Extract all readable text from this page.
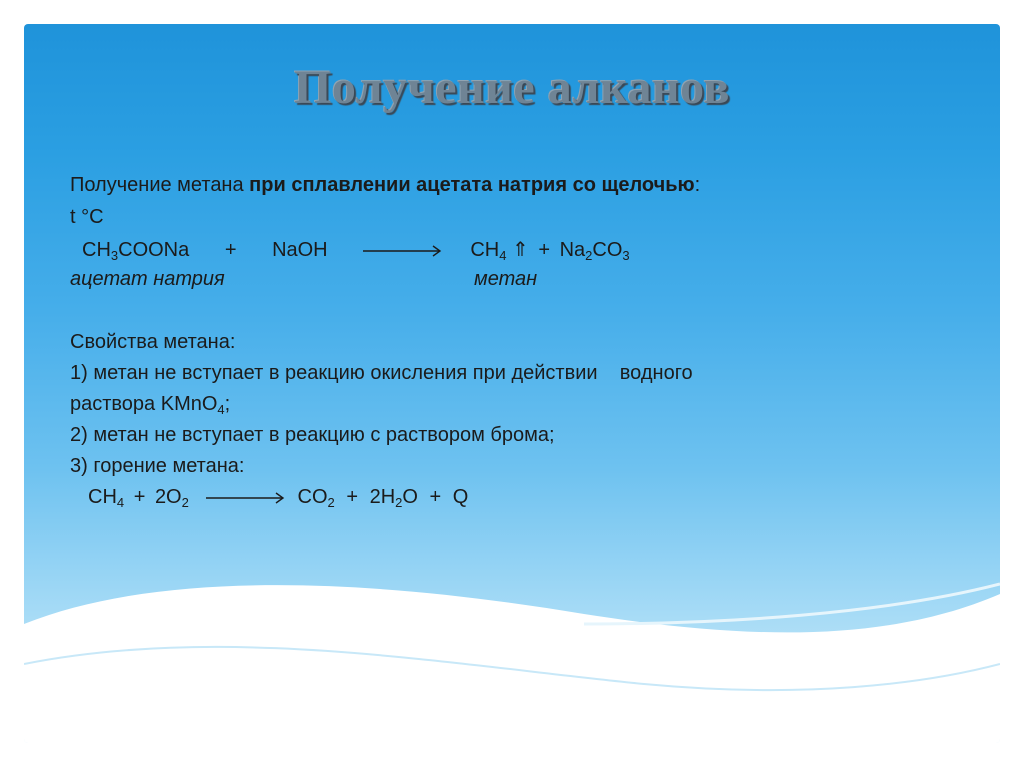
Получение алканов
Получение метана при сплавлении ацетата натрия со щелочью:
t °C
$CH_3COONa$ + NaOH → $CH_4$ ⇑ + $Na_2CO_3$
ацетат натрия	метан
Свойства метана:
1) метан не вступает в реакцию окисления при действии    водного
раствора KMnO$_4$;
2) метан не вступает в реакцию с раствором брома;
3) горение метана:
$CH_4 + 2O_2 \to CO_2 + 2H_2O + Q$
